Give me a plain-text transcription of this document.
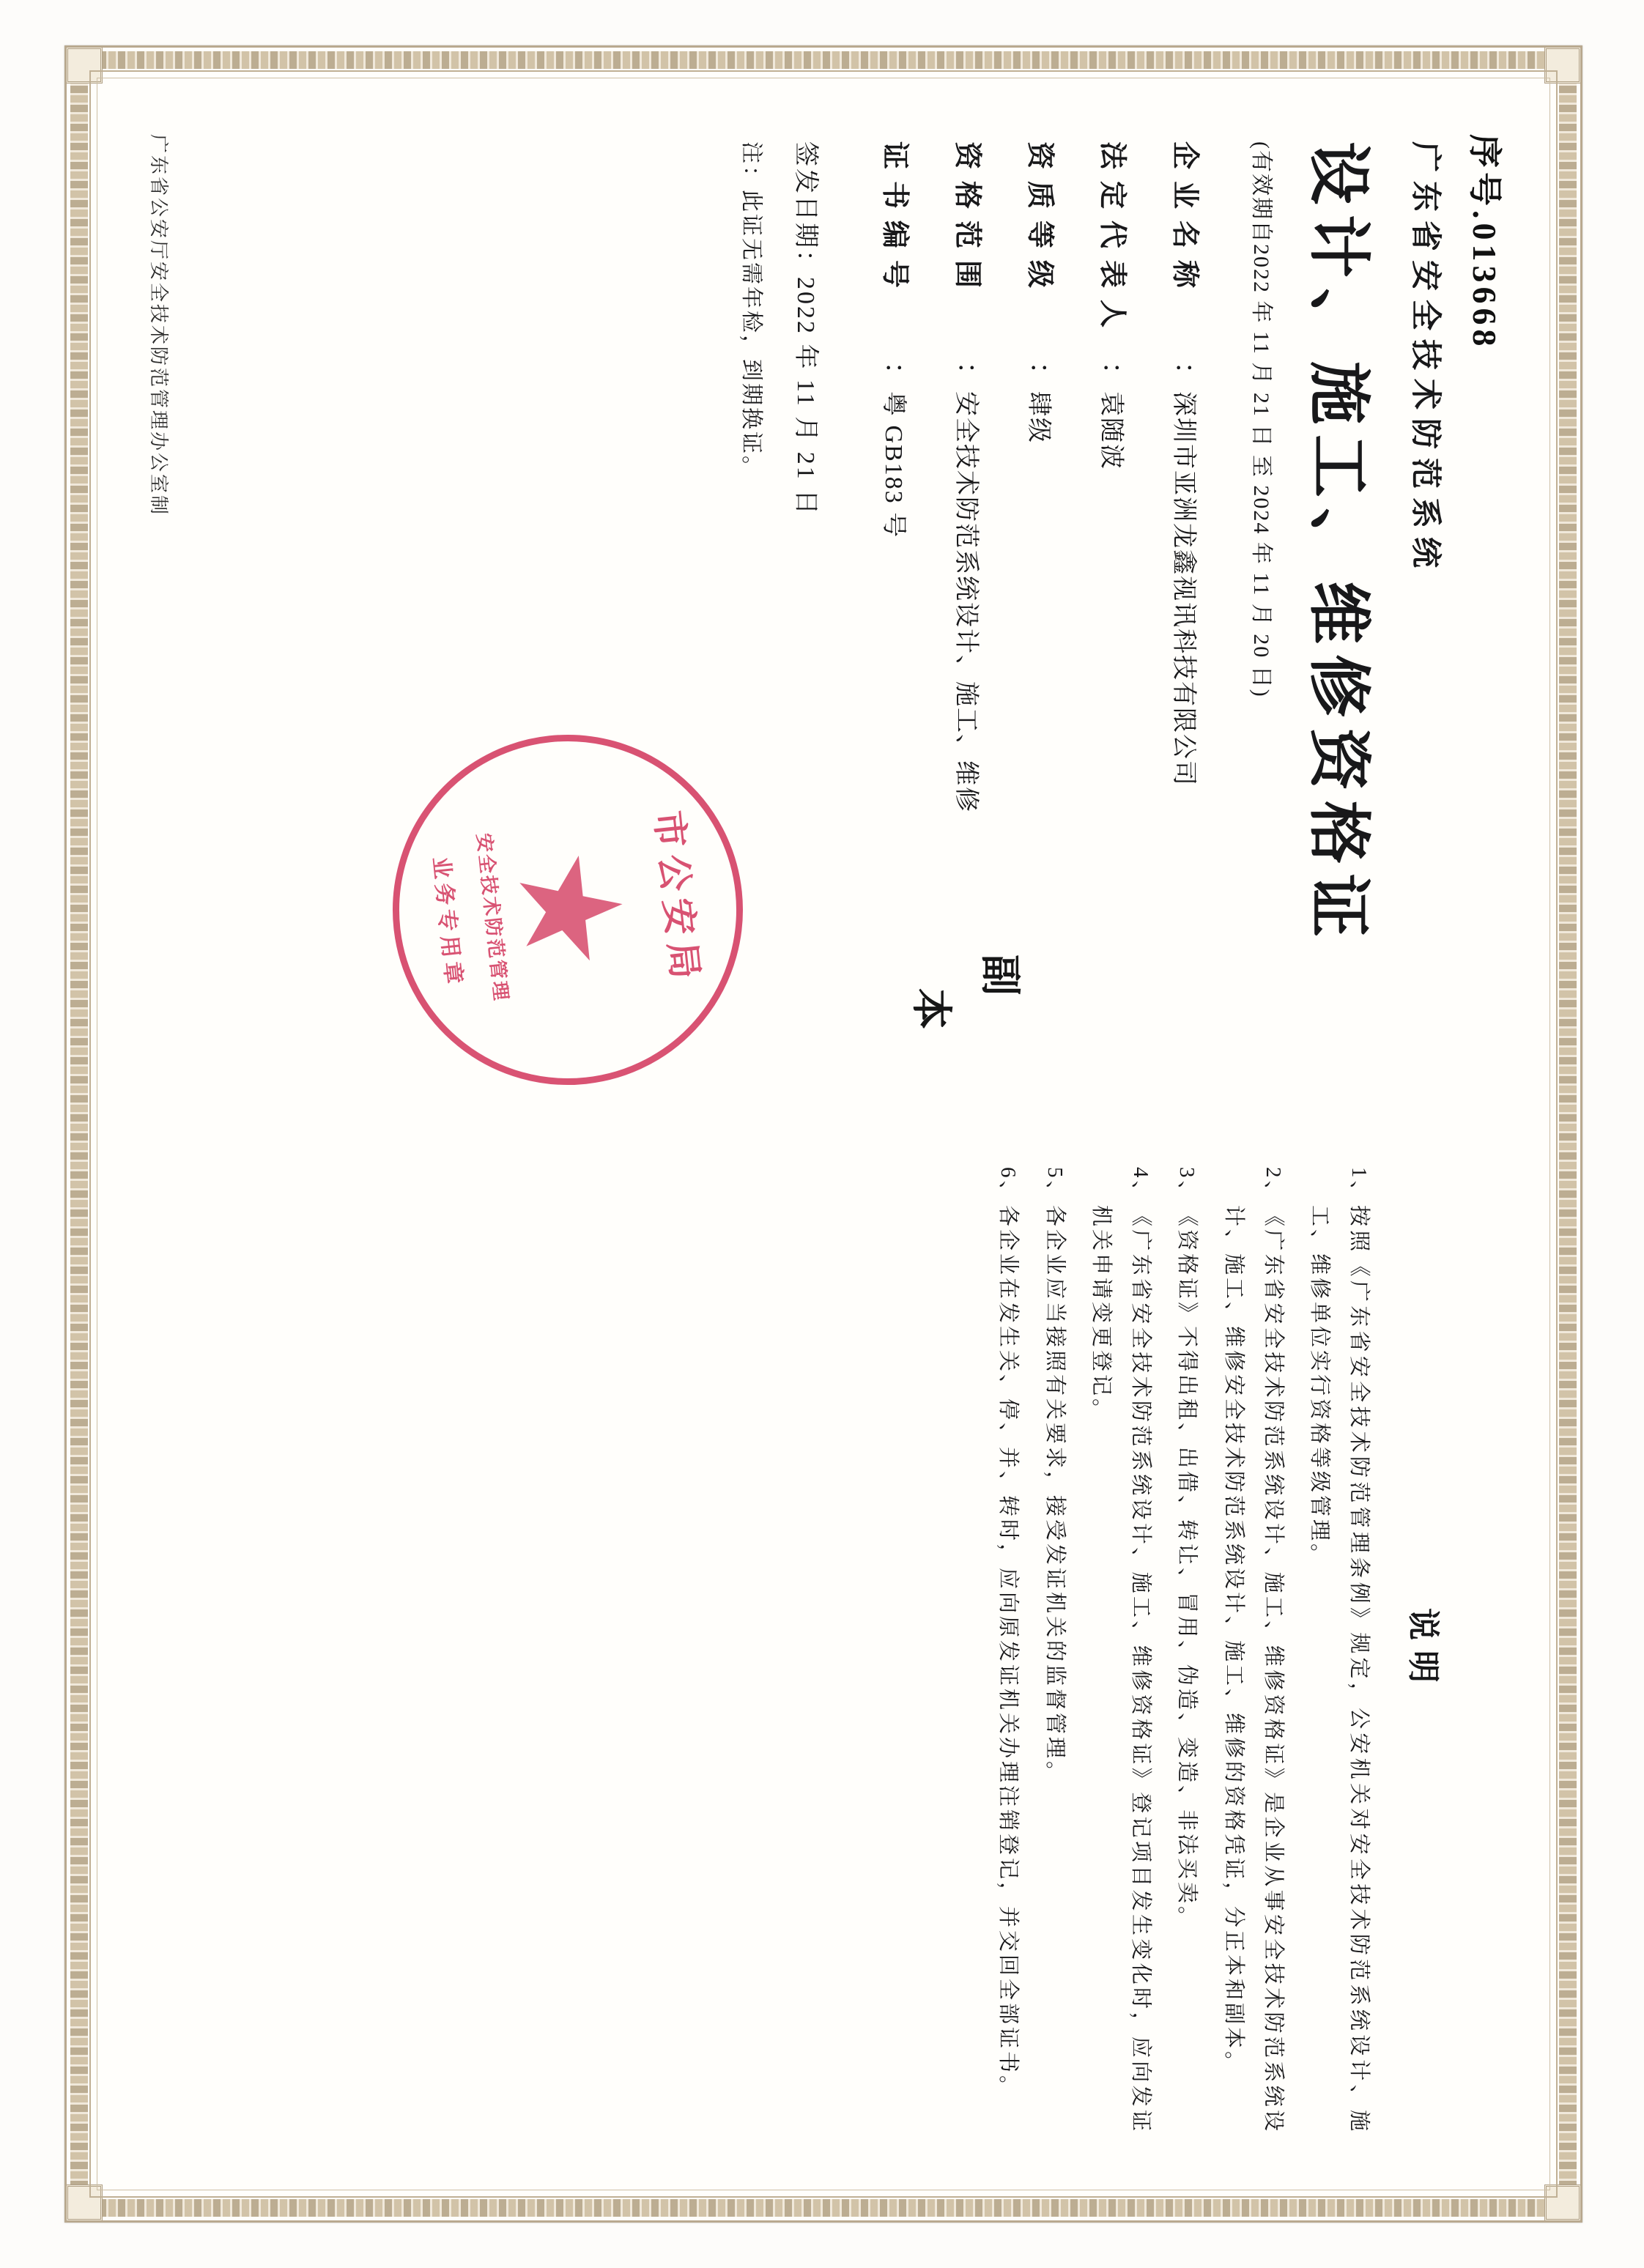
序号.013668
广东省公安厅安全技术防范管理办公室制	广东省安全技术防范系统
设计、施工、维修资格证
(有效期自2022 年 11 月 21 日 至 2024 年 11 月 20 日)
企业名称
：
深圳市亚洲龙鑫视讯科技有限公司
法定代表人
：
袁随波
资质等级
：
肆级
资格范围
：
安全技术防范系统设计、施工、维修
证书编号
：
粤 GB183 号
签发日期：2022 年 11 月 21 日
注：此证无需年检，到期换证。
副
本
市公安局
安全技术防范管理
业务专用章
说明
1、
按照《广东省安全技术防范管理条例》规定，公安机关对安全技术防范系统设计、施工、维修单位实行资格等级管理。
2、
《广东省安全技术防范系统设计、施工、维修资格证》是企业从事安全技术防范系统设计、施工、维修安全技术防范系统设计、施工、维修的资格凭证，分正本和副本。
3、
《资格证》不得出租、出借、转让、冒用、伪造、变造、非法买卖。
4、
《广东省安全技术防范系统设计、施工、维修资格证》登记项目发生变化时，应向发证机关申请变更登记。
5、
各企业应当接照有关要求，接受发证机关的监督管理。
6、
各企业在发生关、停、并、转时，应向原发证机关办理注销登记，并交回全部证书。
